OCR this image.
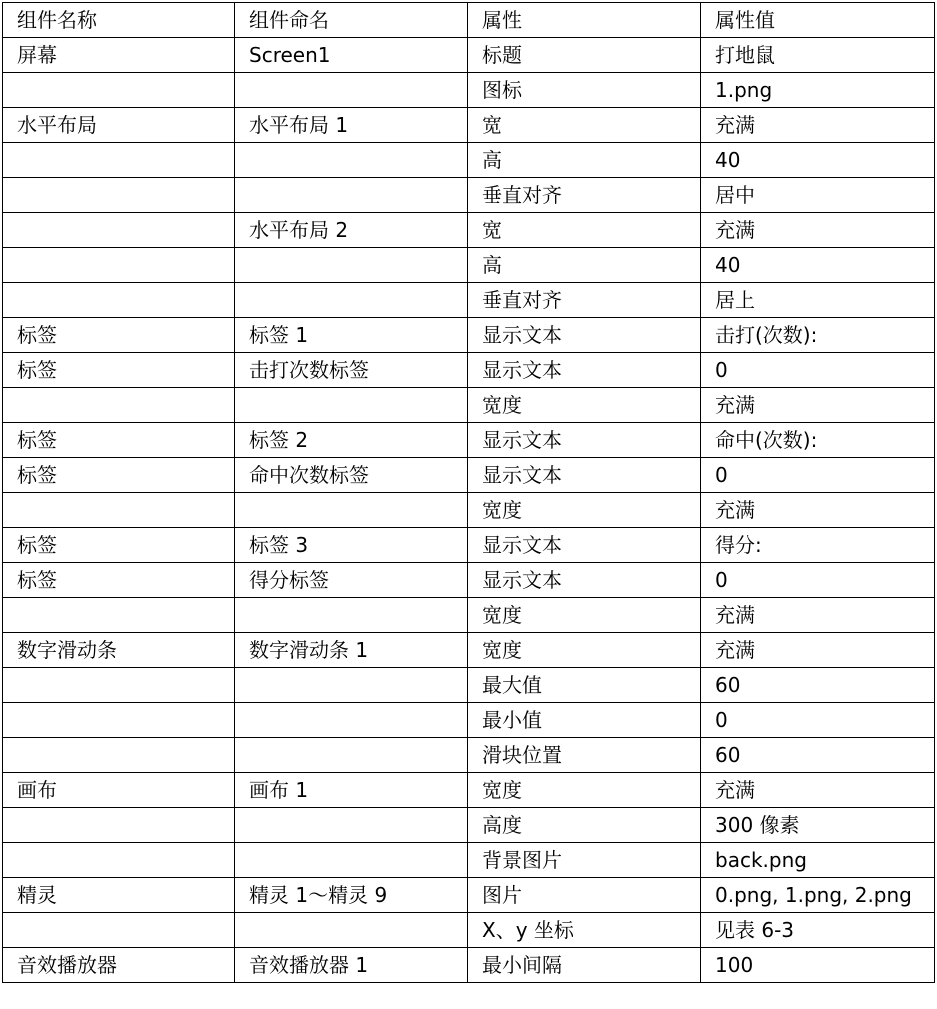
组件名称	组件命名	属性	属性值
屏幕	Screen1	标题	打地鼠
		图标	1.png
水平布局	水平布局 1	宽	充满
		高	40
		垂直对齐	居中
	水平布局 2	宽	充满
		高	40
		垂直对齐	居上
标签	标签 1	显示文本	击打(次数):
标签	击打次数标签	显示文本	0
		宽度	充满
标签	标签 2	显示文本	命中(次数):
标签	命中次数标签	显示文本	0
		宽度	充满
标签	标签 3	显示文本	得分:
标签	得分标签	显示文本	0
		宽度	充满
数字滑动条	数字滑动条 1	宽度	充满
		最大值	60
		最小值	0
		滑块位置	60
画布	画布 1	宽度	充满
		高度	300 像素
		背景图片	back.png
精灵	精灵 1～精灵 9	图片	0.png, 1.png, 2.png
		X、y 坐标	见表 6-3
音效播放器	音效播放器 1	最小间隔	100
